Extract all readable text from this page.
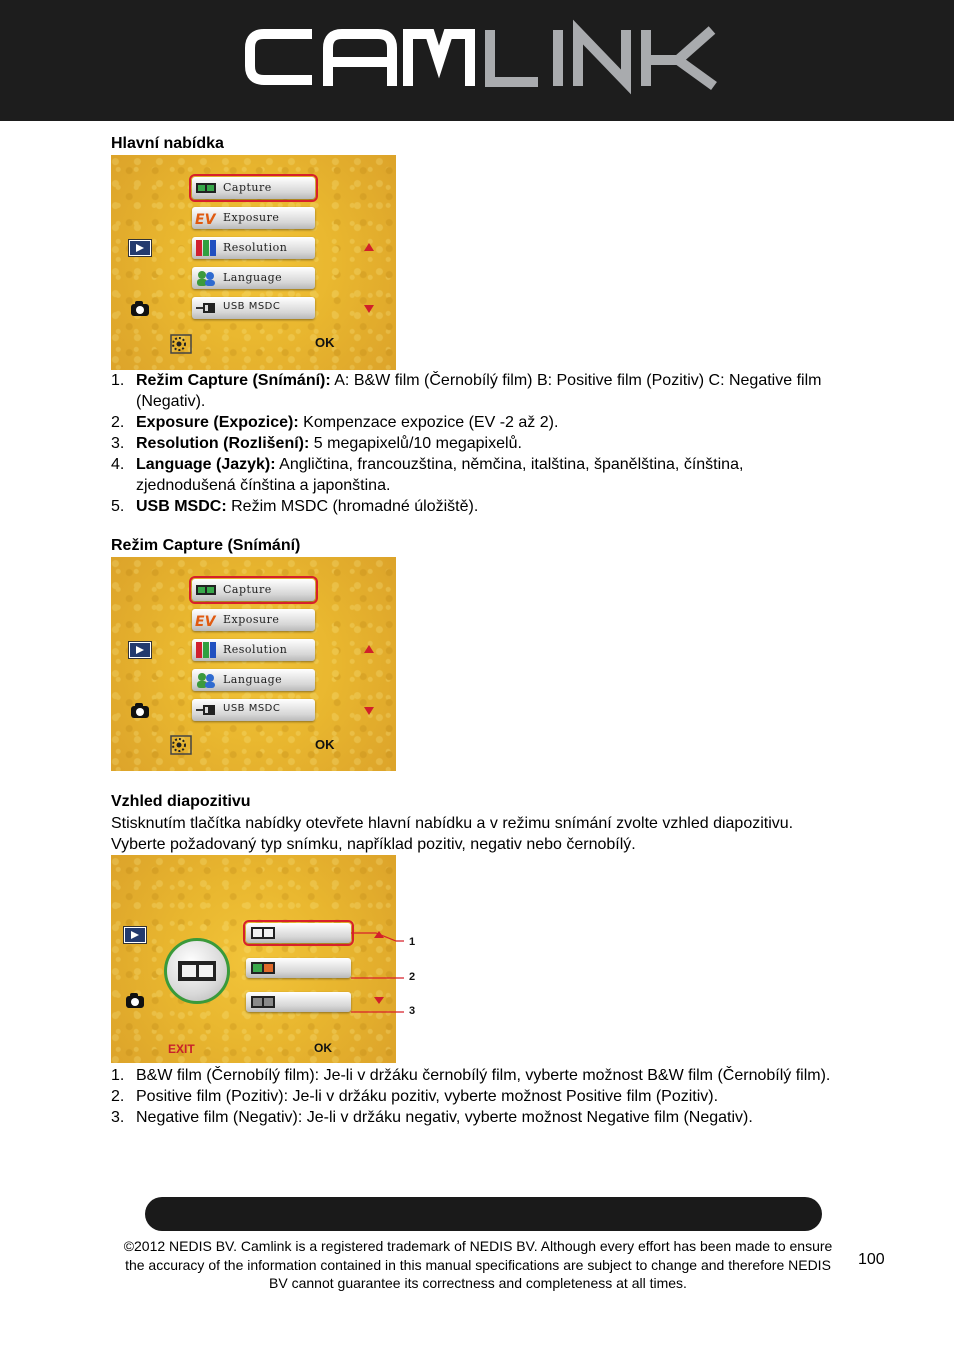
CAM
Hlavní nabídka
Capture
EV Exposure
Resolution
Language
USB MSDC
OK
1. Režim Capture (Snímání): A: B&W film (Černobílý film) B: Positive film (Pozitiv) C: Negative film (Negativ).
2. Exposure (Expozice): Kompenzace expozice (EV -2 až 2).
3. Resolution (Rozlišení): 5 megapixelů/10 megapixelů.
4. Language (Jazyk): Angličtina, francouzština, němčina, italština, španělština, čínština, zjednodušená čínština a japonština.
5. USB MSDC: Režim MSDC (hromadné úložiště).
Režim Capture (Snímání)
Capture
EV Exposure
Resolution
Language
USB MSDC
OK
Vzhled diapozitivu
Stisknutím tlačítka nabídky otevřete hlavní nabídku a v režimu snímání zvolte vzhled diapozitivu. Vyberte požadovaný typ snímku, například pozitiv, negativ nebo černobílý.
EXIT	OK
1
2
3
1. B&W film (Černobílý film): Je-li v držáku černobílý film, vyberte možnost B&W film (Černobílý film).
2. Positive film (Pozitiv): Je-li v držáku pozitiv, vyberte možnost Positive film (Pozitiv).
3. Negative film (Negativ): Je-li v držáku negativ, vyberte možnost Negative film (Negativ).
©2012 NEDIS BV. Camlink is a registered trademark of NEDIS BV. Although every effort has been made to ensure the accuracy of the information contained in this manual specifications are subject to change and therefore NEDIS BV cannot guarantee its correctness and completeness at all times.
100
